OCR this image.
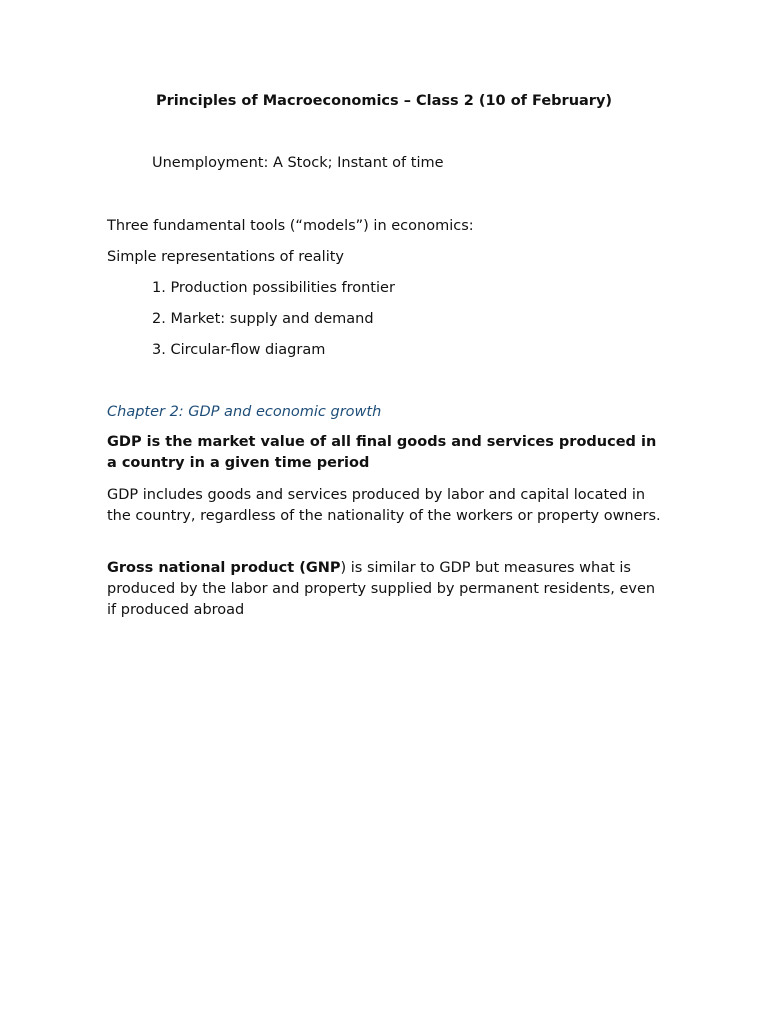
Principles of Macroeconomics – Class 2 (10 of February)
Unemployment: A Stock; Instant of time
Three fundamental tools (“models”) in economics:
Simple representations of reality
1. Production possibilities frontier
2. Market: supply and demand
3. Circular-flow diagram
Chapter 2: GDP and economic growth
GDP is the market value of all final goods and services produced in a country in a given time period
GDP includes goods and services produced by labor and capital located in the country, regardless of the nationality of the workers or property owners.
Gross national product (GNP) is similar to GDP but measures what is produced by the labor and property supplied by permanent residents, even if produced abroad
